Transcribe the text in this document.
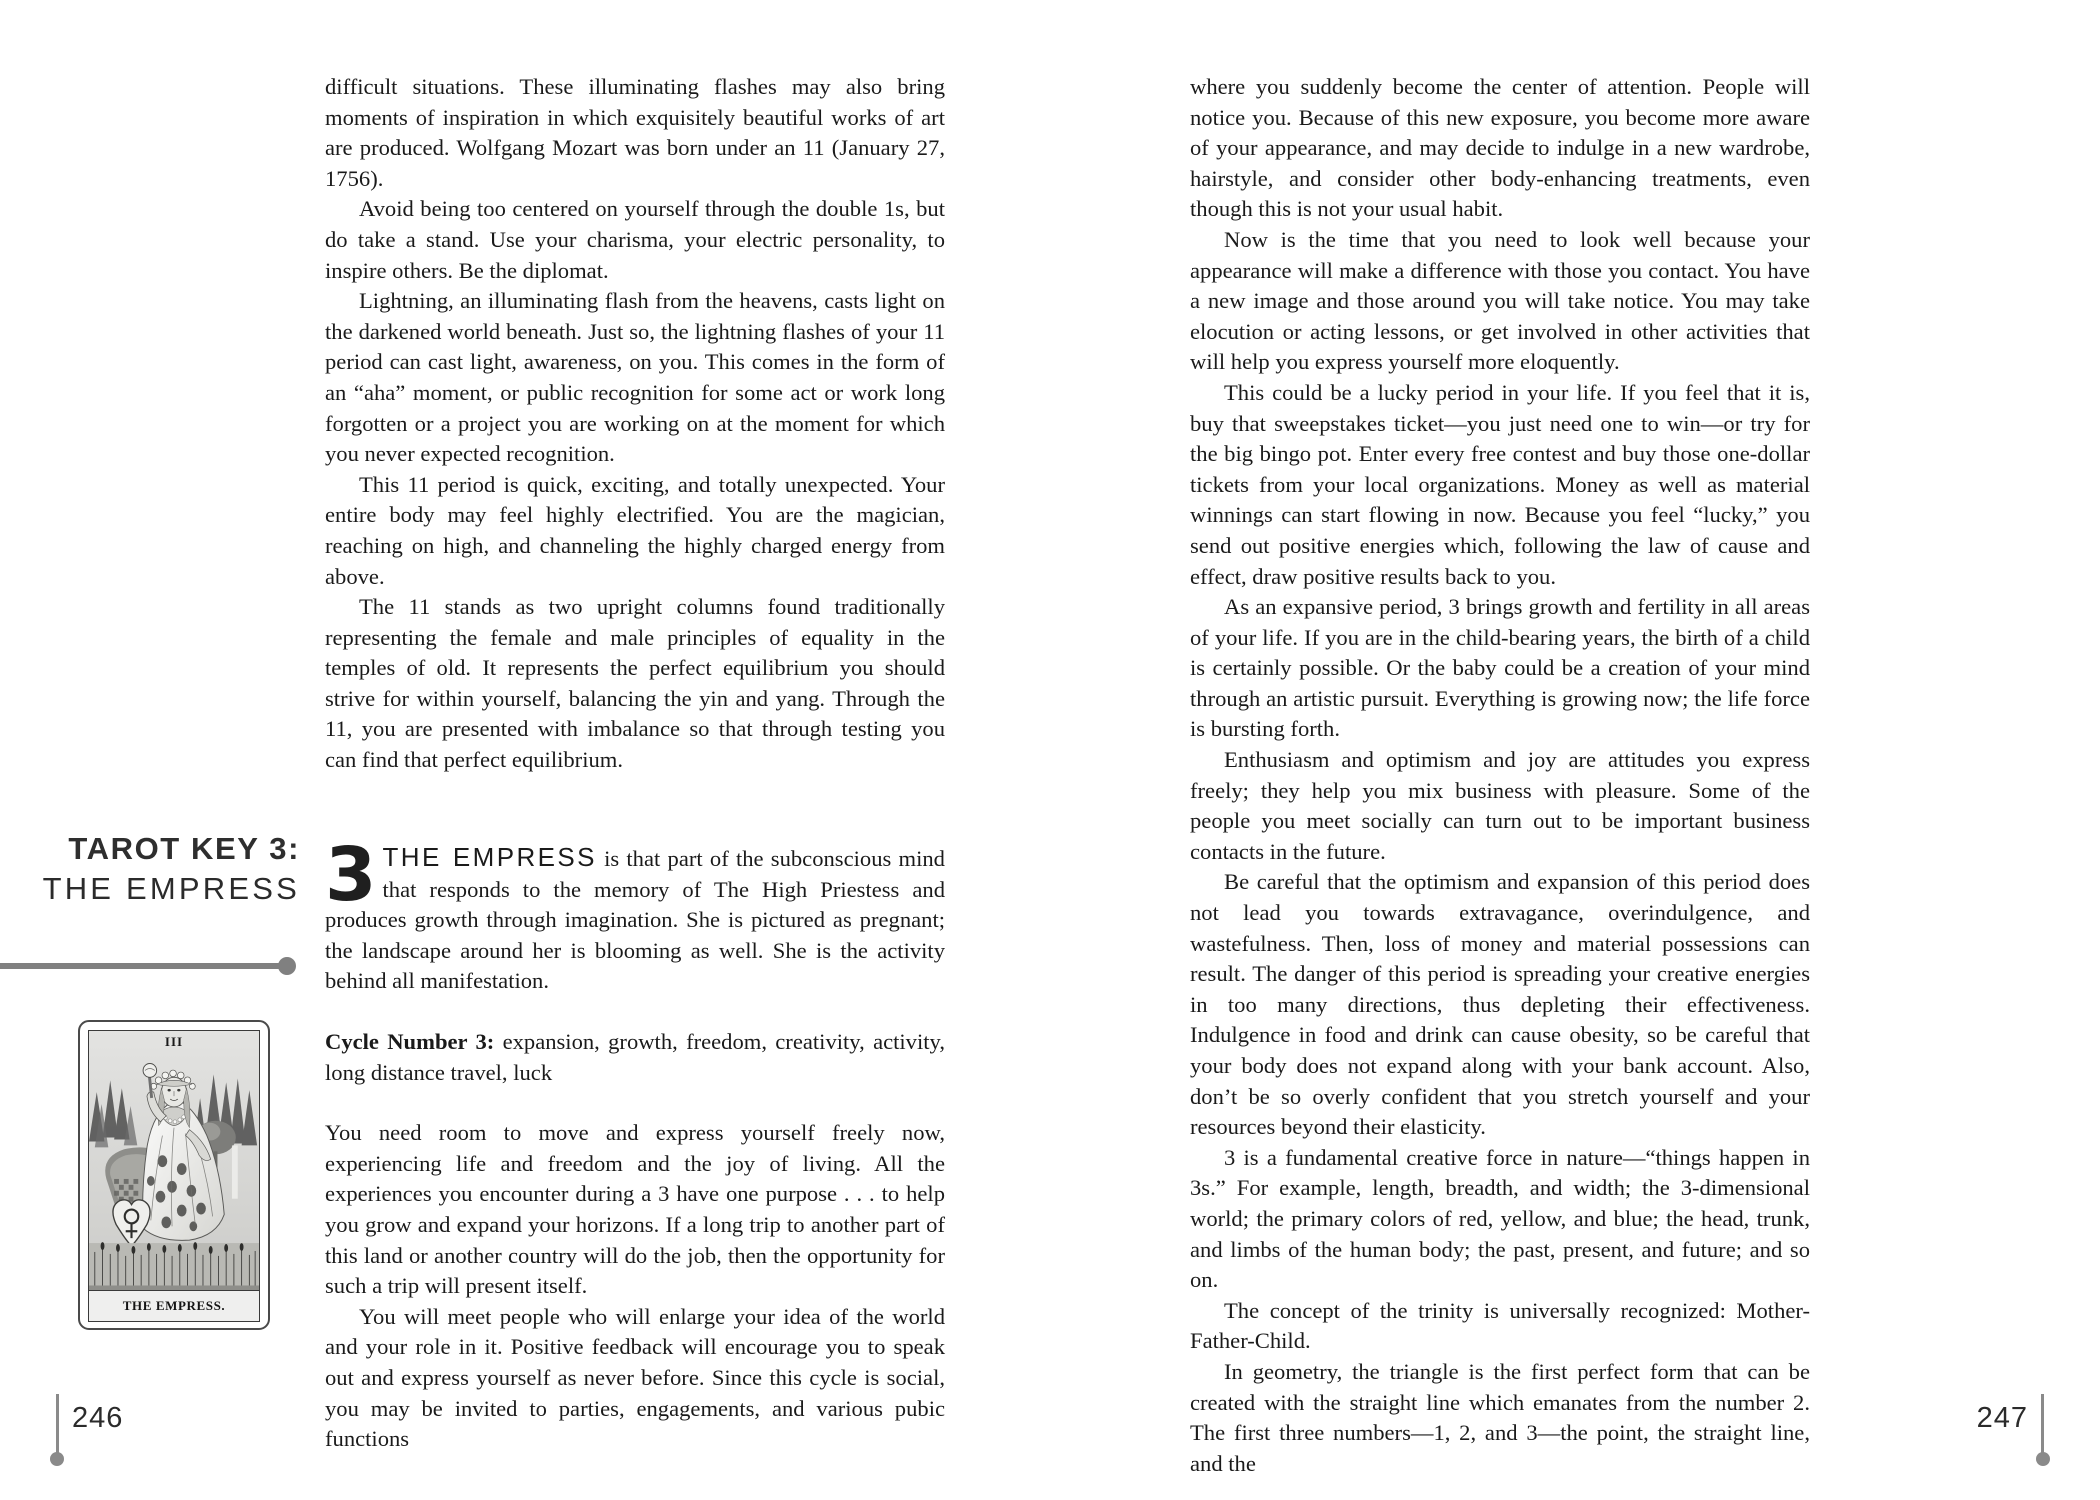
difficult situations. These illuminating flashes may also bring moments of inspiration in which exquisitely beautiful works of art are produced. Wolfgang Mozart was born under an 11 (January 27, 1756).

Avoid being too centered on yourself through the double 1s, but do take a stand. Use your charisma, your electric personality, to inspire others. Be the diplomat.

Lightning, an illuminating flash from the heavens, casts light on the darkened world beneath. Just so, the lightning flashes of your 11 period can cast light, awareness, on you. This comes in the form of an “aha” moment, or public recognition for some act or work long forgotten or a project you are working on at the moment for which you never expected recognition.

This 11 period is quick, exciting, and totally unexpected. Your entire body may feel highly electrified. You are the magician, reaching on high, and channeling the highly charged energy from above.

The 11 stands as two upright columns found traditionally representing the female and male principles of equality in the temples of old. It represents the perfect equilibrium you should strive for within yourself, balancing the yin and yang. Through the 11, you are presented with imbalance so that through testing you can find that perfect equilibrium.

TAROT KEY 3:
THE EMPRESS
III
THE EMPRESS.

3 THE EMPRESS is that part of the subconscious mind that responds to the memory of The High Priestess and produces growth through imagination. She is pictured as pregnant; the landscape around her is blooming as well. She is the activity behind all manifestation.

Cycle Number 3: expansion, growth, freedom, creativity, activity, long distance travel, luck

You need room to move and express yourself freely now, experiencing life and freedom and the joy of living. All the experiences you encounter during a 3 have one purpose . . . to help you grow and expand your horizons. If a long trip to another part of this land or another country will do the job, then the opportunity for such a trip will present itself.

You will meet people who will enlarge your idea of the world and your role in it. Positive feedback will encourage you to speak out and express yourself as never before. Since this cycle is social, you may be invited to parties, engagements, and various pubic functions

246

where you suddenly become the center of attention. People will notice you. Because of this new exposure, you become more aware of your appearance, and may decide to indulge in a new wardrobe, hairstyle, and consider other body-enhancing treatments, even though this is not your usual habit.

Now is the time that you need to look well because your appearance will make a difference with those you contact. You have a new image and those around you will take notice. You may take elocution or acting lessons, or get involved in other activities that will help you express yourself more eloquently.

This could be a lucky period in your life. If you feel that it is, buy that sweepstakes ticket—you just need one to win—or try for the big bingo pot. Enter every free contest and buy those one-dollar tickets from your local organizations. Money as well as material winnings can start flowing in now. Because you feel “lucky,” you send out positive energies which, following the law of cause and effect, draw positive results back to you.

As an expansive period, 3 brings growth and fertility in all areas of your life. If you are in the child-bearing years, the birth of a child is certainly possible. Or the baby could be a creation of your mind through an artistic pursuit. Everything is growing now; the life force is bursting forth.

Enthusiasm and optimism and joy are attitudes you express freely; they help you mix business with pleasure. Some of the people you meet socially can turn out to be important business contacts in the future.

Be careful that the optimism and expansion of this period does not lead you towards extravagance, overindulgence, and wastefulness. Then, loss of money and material possessions can result. The danger of this period is spreading your creative energies in too many directions, thus depleting their effectiveness. Indulgence in food and drink can cause obesity, so be careful that your body does not expand along with your bank account. Also, don’t be so overly confident that you stretch yourself and your resources beyond their elasticity.

3 is a fundamental creative force in nature—“things happen in 3s.” For example, length, breadth, and width; the 3-dimensional world; the primary colors of red, yellow, and blue; the head, trunk, and limbs of the human body; the past, present, and future; and so on.

The concept of the trinity is universally recognized: Mother-Father-Child.

In geometry, the triangle is the first perfect form that can be created with the straight line which emanates from the number 2. The first three numbers—1, 2, and 3—the point, the straight line, and the

247
